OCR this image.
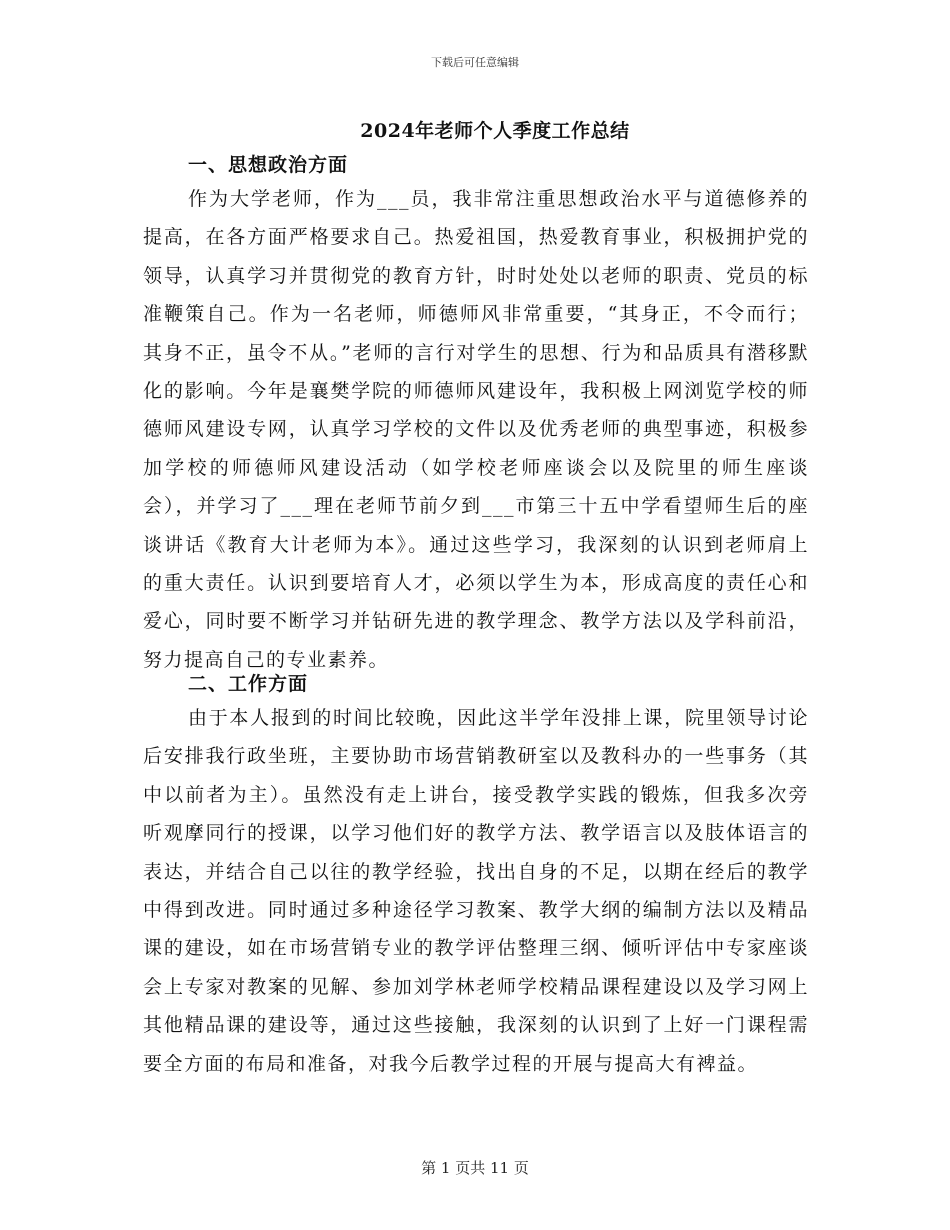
下载后可任意编辑
2024年老师个人季度工作总结
一、思想政治方面

作为大学老师，作为___员，我非常注重思想政治水平与道德修养的提高，在各方面严格要求自己。热爱祖国，热爱教育事业，积极拥护党的领导，认真学习并贯彻党的教育方针，时时处处以老师的职责、党员的标准鞭策自己。作为一名老师，师德师风非常重要，“其身正，不令而行；其身不正，虽令不从。”老师的言行对学生的思想、行为和品质具有潜移默化的影响。今年是襄樊学院的师德师风建设年，我积极上网浏览学校的师德师风建设专网，认真学习学校的文件以及优秀老师的典型事迹，积极参加学校的师德师风建设活动（如学校老师座谈会以及院里的师生座谈会），并学习了___理在老师节前夕到___市第三十五中学看望师生后的座谈讲话《教育大计老师为本》。通过这些学习，我深刻的认识到老师肩上的重大责任。认识到要培育人才，必须以学生为本，形成高度的责任心和爱心，同时要不断学习并钻研先进的教学理念、教学方法以及学科前沿，努力提高自己的专业素养。

二、工作方面

由于本人报到的时间比较晚，因此这半学年没排上课，院里领导讨论后安排我行政坐班，主要协助市场营销教研室以及教科办的一些事务（其中以前者为主）。虽然没有走上讲台，接受教学实践的锻炼，但我多次旁听观摩同行的授课，以学习他们好的教学方法、教学语言以及肢体语言的表达，并结合自己以往的教学经验，找出自身的不足，以期在经后的教学中得到改进。同时通过多种途径学习教案、教学大纲的编制方法以及精品课的建设，如在市场营销专业的教学评估整理三纲、倾听评估中专家座谈会上专家对教案的见解、参加刘学林老师学校精品课程建设以及学习网上其他精品课的建设等，通过这些接触，我深刻的认识到了上好一门课程需要全方面的布局和准备，对我今后教学过程的开展与提高大有裨益。

第 1 页共 11 页
